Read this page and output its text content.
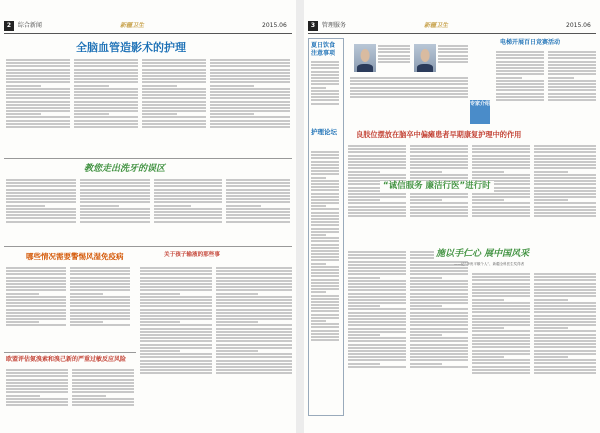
2 综合新闻	新疆卫生	2015.06
全脑血管造影术的护理
教您走出洗牙的误区
哪些情况需要警惕风湿免疫病	关于孩子输液的那些事
欧盟评估氨溴索和溴己新的严重过敏反应风险
3 管理服务	新疆卫生	2015.06
夏日饮食注意事项
护理论坛
专家介绍
电梯开展百日竞赛活动
良肢位摆放在脑卒中偏瘫患者早期康复护理中的作用
“诚信服务 廉洁行医”进行时
施以手仁心 展中国风采
——记“李贵平顺个人”、新疆全科医生奖得者
